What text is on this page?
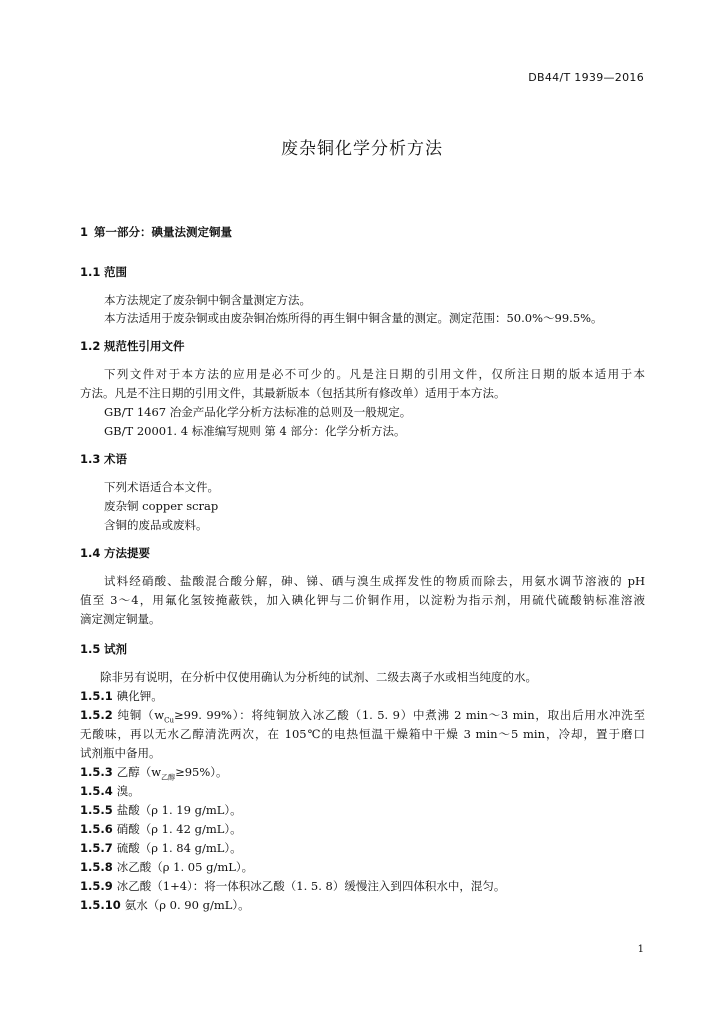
DB44/T 1939—2016
废杂铜化学分析方法
1 第一部分：碘量法测定铜量
1.1 范围
本方法规定了废杂铜中铜含量测定方法。
本方法适用于废杂铜或由废杂铜冶炼所得的再生铜中铜含量的测定。测定范围：50.0%～99.5%。
1.2 规范性引用文件
下列文件对于本方法的应用是必不可少的。凡是注日期的引用文件，仅所注日期的版本适用于本
方法。凡是不注日期的引用文件，其最新版本（包括其所有修改单）适用于本方法。
GB/T 1467 冶金产品化学分析方法标准的总则及一般规定。
GB/T 20001. 4 标准编写规则 第 4 部分：化学分析方法。
1.3 术语
下列术语适合本文件。
废杂铜 copper scrap
含铜的废品或废料。
1.4 方法提要
试料经硝酸、盐酸混合酸分解，砷、锑、硒与溴生成挥发性的物质而除去，用氨水调节溶液的 pH
值至 3～4，用氟化氢铵掩蔽铁，加入碘化钾与二价铜作用，以淀粉为指示剂，用硫代硫酸钠标准溶液
滴定测定铜量。
1.5 试剂
除非另有说明，在分析中仅使用确认为分析纯的试剂、二级去离子水或相当纯度的水。
1.5.1 碘化钾。
1.5.2 纯铜（$w_{Cu}\ge 99$. 99%）：将纯铜放入冰乙酸（1. 5. 9）中煮沸 2 min～3 min，取出后用水冲洗至
无酸味，再以无水乙醇清洗两次，在 105℃的电热恒温干燥箱中干燥 3 min～5 min，冷却，置于磨口
试剂瓶中备用。
1.5.3 乙醇$(w_{乙醇}\ge 95\%)$。
1.5.4 溴。
1.5.5 盐酸（ρ 1. 19 g/mL）。
1.5.6 硝酸（ρ 1. 42 g/mL）。
1.5.7 硫酸（ρ 1. 84 g/mL）。
1.5.8 冰乙酸（ρ 1. 05 g/mL）。
1.5.9 冰乙酸（1+4）：将一体积冰乙酸（1. 5. 8）缓慢注入到四体积水中，混匀。
1.5.10 氨水（ρ 0. 90 g/mL）。
1
